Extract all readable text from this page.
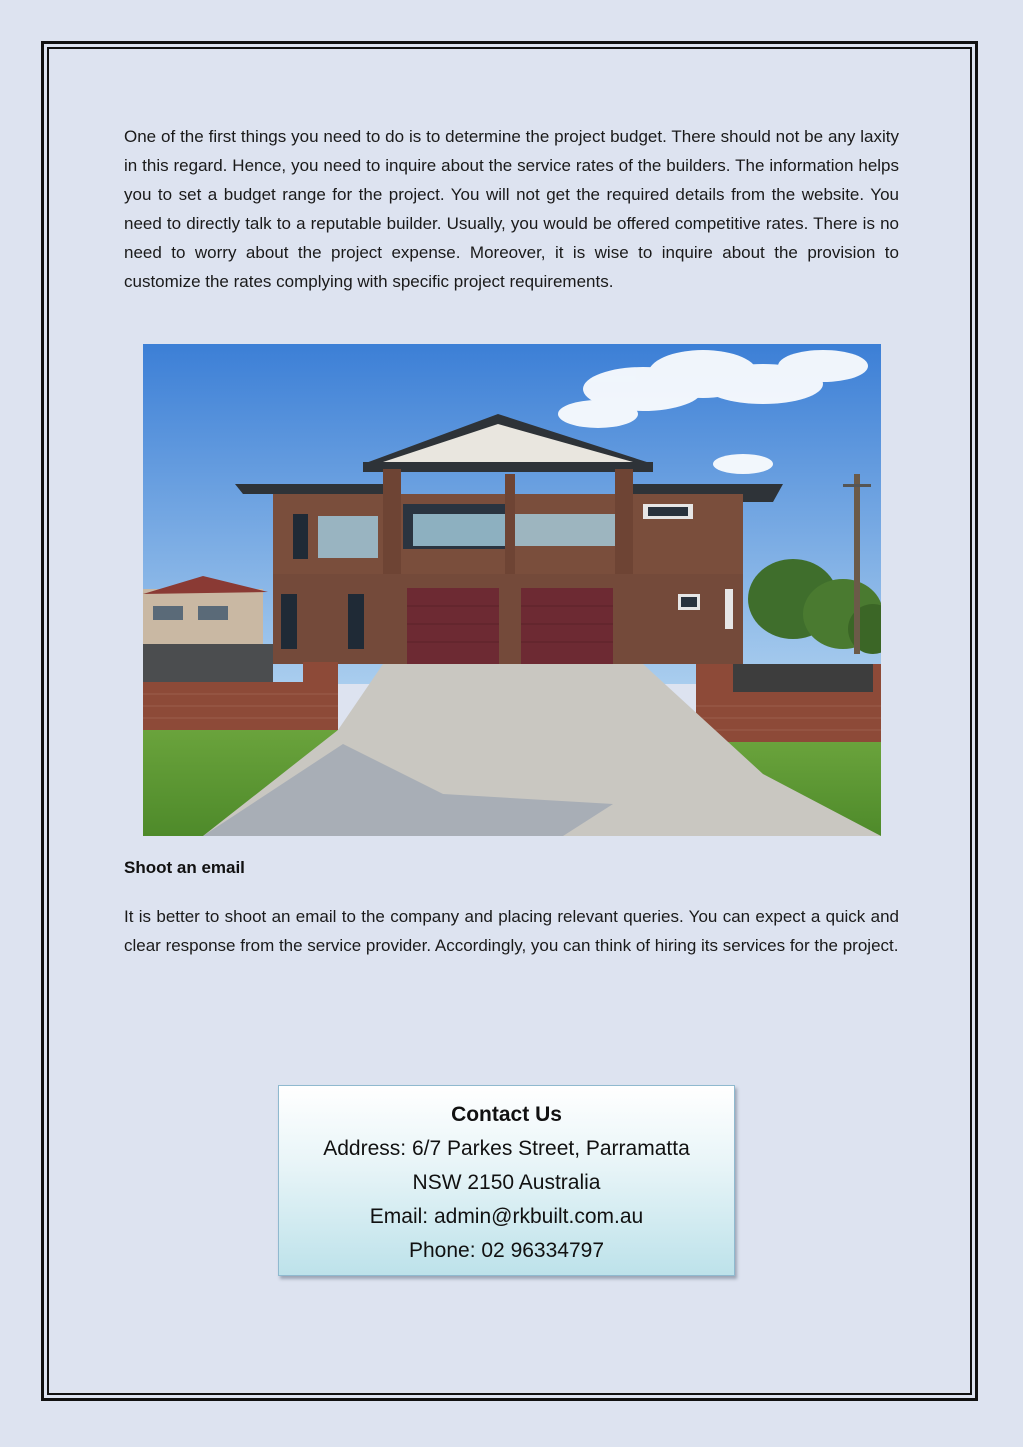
One of the first things you need to do is to determine the project budget. There should not be any laxity in this regard. Hence, you need to inquire about the service rates of the builders. The information helps you to set a budget range for the project. You will not get the required details from the website. You need to directly talk to a reputable builder. Usually, you would be offered competitive rates. There is no need to worry about the project expense. Moreover, it is wise to inquire about the provision to customize the rates complying with specific project requirements.

Shoot an email

It is better to shoot an email to the company and placing relevant queries. You can expect a quick and clear response from the service provider. Accordingly, you can think of hiring its services for the project.

Contact Us
Address: 6/7 Parkes Street, Parramatta
NSW 2150 Australia
Email: admin@rkbuilt.com.au
Phone: 02 96334797
